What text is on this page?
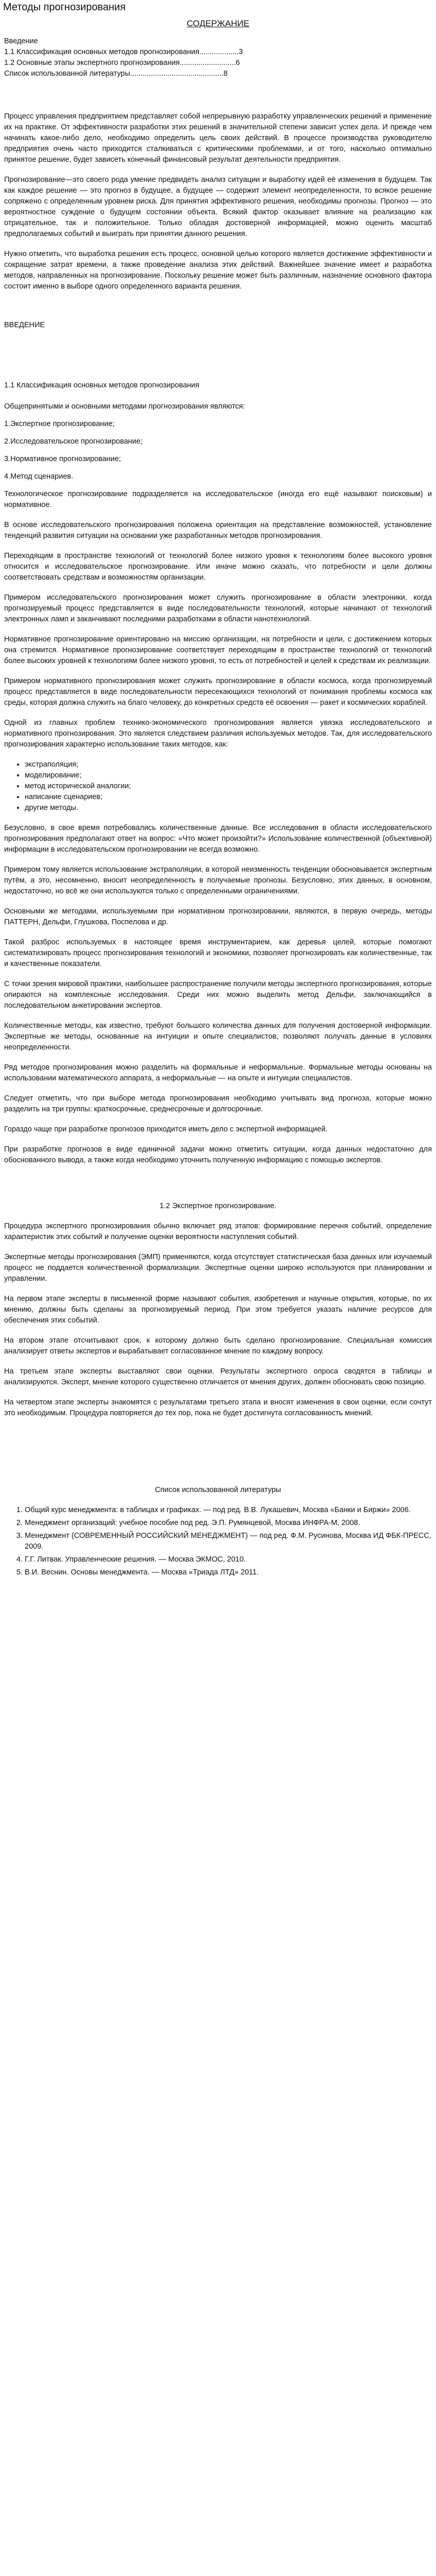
Методы прогнозирования
СОДЕРЖАНИЕ
Введение
1.1 Классификация основных методов прогнозирования...................3
1.2 Основные этапы экспертного прогнозирования...........................6
Список использованной литературы.............................................8

Процесс управления предприятием представляет собой непрерывную разработку управленческих решений и применение их на практике. От эффективности разработки этих решений в значительной степени зависит успех дела. И прежде чем начинать какое-либо дело, необходимо определить цель своих действий. В процессе производства руководителю предприятия очень часто приходится сталкиваться с критическими проблемами, и от того, насколько оптимально принятое решение, будет зависеть конечный финансовый результат деятельности предприятия.

Прогнозирование—это своего рода умение предвидеть анализ ситуации и выработку идей её изменения в будущем. Так как каждое решение — это прогноз в будущее, а будущее — содержит элемент неопределенности, то всякое решение сопряжено с определенным уровнем риска. Для принятия эффективного решения, необходимы прогнозы. Прогноз — это вероятностное суждение о будущем состоянии объекта. Всякий фактор оказывает влияние на реализацию как отрицательное, так и положительное. Только обладая достоверной информацией, можно оценить масштаб предполагаемых событий и выиграть при принятии данного решения.

Нужно отметить, что выработка решения есть процесс, основной целью которого является достижение эффективности и сокращение затрат времени, а также проведение анализа этих действий. Важнейшее значение имеет и разработка методов, направленных на прогнозирование. Поскольку решение может быть различным, назначение основного фактора состоит именно в выборе одного определенного варианта решения.

ВВЕДЕНИЕ
1.1 Классификация основных методов прогнозирования

Общепринятыми и основными методами прогнозирования являются:

1.Экспертное прогнозирование;

2.Исследовательское прогнозирование;

3.Нормативное прогнозирование;

4.Метод сценариев.

Технологическое прогнозирование подразделяется на исследовательское (иногда его ещё называют поисковым) и нормативное.

В основе исследовательского прогнозирования положена ориентация на представление возможностей, установление тенденций развития ситуации на основании уже разработанных методов прогнозирования.

Переходящим в пространстве технологий от технологий более низкого уровня к технологиям более высокого уровня относится и исследовательское прогнозирование. Или иначе можно сказать, что потребности и цели должны соответствовать средствам и возможностям организации.

Примером исследовательского прогнозирования может служить прогнозирование в области электроники, когда прогнозируемый процесс представляется в виде последовательности технологий, которые начинают от технологий электронных ламп и заканчивают последними разработками в области нанотехнологий.

Нормативное прогнозирование ориентировано на миссию организации, на потребности и цели, с достижением которых она стремится. Нормативное прогнозирование соответствует переходящим в пространстве технологий от технологий более высоких уровней к технологиям более низкого уровня, то есть от потребностей и целей к средствам их реализации.

Примером нормативного прогнозирования может служить прогнозирование в области космоса, когда прогнозируемый процесс представляется в виде последовательности пересекающихся технологий от понимания проблемы космоса как среды, которая должна служить на благо человеку, до конкретных средств её освоения — ракет и космических кораблей.

Одной из главных проблем технико-экономического прогнозирования является увязка исследовательского и нормативного прогнозирования. Это является следствием различия используемых методов. Так, для исследовательского прогнозирования характерно использование таких методов, как:

• экстраполяция;
• моделирование;
• метод исторической аналогии;
• написание сценариев;
• другие методы.

Безусловно, в свое время потребовались количественные данные. Все исследования в области исследовательского прогнозирования предполагают ответ на вопрос: «Что может произойти?» Использование количественной (объективной) информации в исследовательском прогнозировании не всегда возможно.

Примером тому является использование экстраполяции, в которой неизменность тенденции обосновывается экспертным путём, а это, несомненно, вносит неопределенность в получаемые прогнозы. Безусловно, этих данных, в основном, недостаточно, но всё же они используются только с определенными ограничениями.

Основными же методами, используемыми при нормативном прогнозировании, являются, в первую очередь, методы ПАТТЕРН, Дельфи, Глушкова, Поспелова и др.

Такой разброс используемых в настоящее время инструментарием, как деревья целей, которые помогают систематизировать процесс прогнозирования технологий и экономики, позволяет прогнозировать как количественные, так и качественные показатели.

С точки зрения мировой практики, наибольшее распространение получили методы экспертного прогнозирования, которые опираются на комплексные исследования. Среди них можно выделить метод Дельфи, заключающийся в последовательном анкетировании экспертов.

Количественные методы, как известно, требуют большого количества данных для получения достоверной информации. Экспертные же методы, основанные на интуиции и опыте специалистов, позволяют получать данные в условиях неопределенности.

Ряд методов прогнозирования можно разделить на формальные и неформальные. Формальные методы основаны на использовании математического аппарата, а неформальные — на опыте и интуиции специалистов.

Следует отметить, что при выборе метода прогнозирования необходимо учитывать вид прогноза, которые можно разделить на три группы: краткосрочные, среднесрочные и долгосрочные.

Гораздо чаще при разработке прогнозов приходится иметь дело с экспертной информацией.

При разработке прогнозов в виде единичной задачи можно отметить ситуации, когда данных недостаточно для обоснованного вывода, а также когда необходимо уточнить полученную информацию с помощью экспертов.

1.2 Экспертное прогнозирование.

Процедура экспертного прогнозирования обычно включает ряд этапов: формирование перечня событий, определение характеристик этих событий и получение оценки вероятности наступления событий.

Экспертные методы прогнозирования (ЭМП) применяются, когда отсутствует статистическая база данных или изучаемый процесс не поддается количественной формализации. Экспертные оценки широко используются при планировании и управлении.

На первом этапе эксперты в письменной форме называют события, изобретения и научные открытия, которые, по их мнению, должны быть сделаны за прогнозируемый период. При этом требуется указать наличие ресурсов для обеспечения этих событий.

На втором этапе отсчитывают срок, к которому должно быть сделано прогнозирование. Специальная комиссия анализирует ответы экспертов и вырабатывает согласованное мнение по каждому вопросу.

На третьем этапе эксперты выставляют свои оценки. Результаты экспертного опроса сводятся в таблицы и анализируются. Эксперт, мнение которого существенно отличается от мнения других, должен обосновать свою позицию.

На четвертом этапе эксперты знакомятся с результатами третьего этапа и вносят изменения в свои оценки, если сочтут это необходимым. Процедура повторяется до тех пор, пока не будет достигнута согласованность мнений.

Список использованной литературы
1. Общий курс менеджмента: в таблицах и графиках. — под ред. В.В. Лукашевич, Москва «Банки и Биржи» 2006.
2. Менеджмент организаций: учебное пособие под ред. Э.П. Румянцевой, Москва ИНФРА-М, 2008.
3. Менеджмент (СОВРЕМЕННЫЙ РОССИЙСКИЙ МЕНЕДЖМЕНТ) — под ред. Ф.М. Русинова, Москва ИД ФБК-ПРЕСС, 2009.
4. Г.Г. Литвак. Управленческие решения. — Москва ЭКМОС, 2010.
5. В.И. Веснин. Основы менеджмента. — Москва «Триада ЛТД» 2011.
